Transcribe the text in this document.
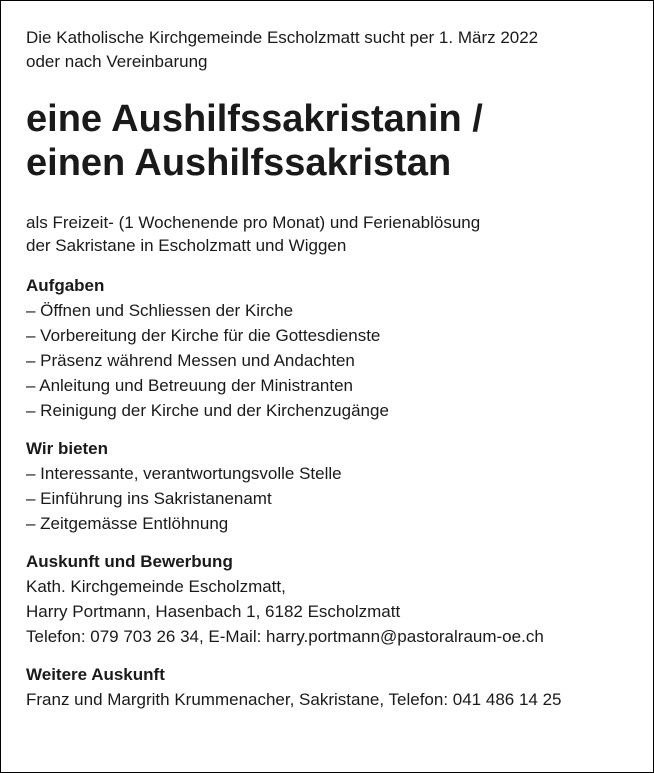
Die Katholische Kirchgemeinde Escholzmatt sucht per 1. März 2022
oder nach Vereinbarung

eine Aushilfssakristanin /
einen Aushilfssakristan

als Freizeit- (1 Wochenende pro Monat) und Ferienablösung
der Sakristane in Escholzmatt und Wiggen

Aufgaben
– Öffnen und Schliessen der Kirche
– Vorbereitung der Kirche für die Gottesdienste
– Präsenz während Messen und Andachten
– Anleitung und Betreuung der Ministranten
– Reinigung der Kirche und der Kirchenzugänge
Wir bieten
– Interessante, verantwortungsvolle Stelle
– Einführung ins Sakristanenamt
– Zeitgemässe Entlöhnung
Auskunft und Bewerbung
Kath. Kirchgemeinde Escholzmatt,
Harry Portmann, Hasenbach 1, 6182 Escholzmatt
Telefon: 079 703 26 34, E-Mail: harry.portmann@pastoralraum-oe.ch
Weitere Auskunft
Franz und Margrith Krummenacher, Sakristane, Telefon: 041 486 14 25
